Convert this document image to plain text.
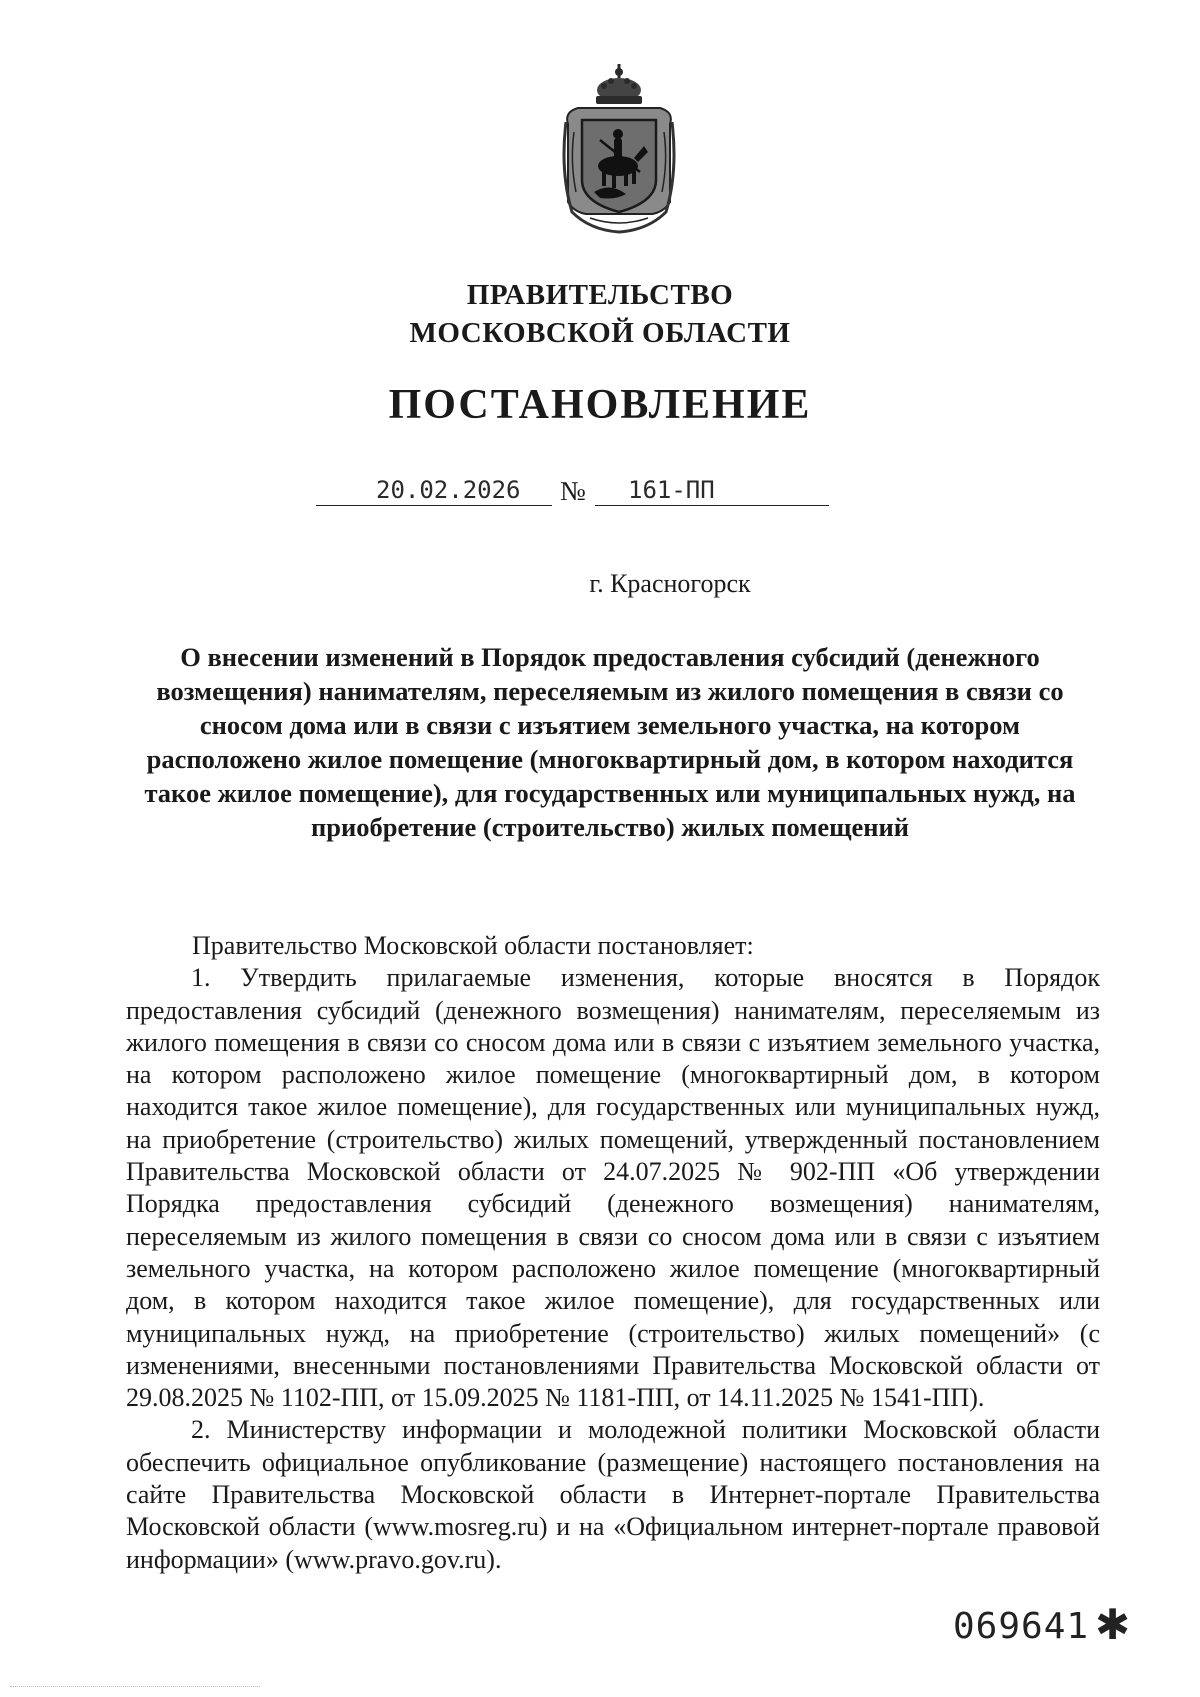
ПРАВИТЕЛЬСТВО
МОСКОВСКОЙ ОБЛАСТИ
ПОСТАНОВЛЕНИЕ
20.02.2026 № 161-ПП
г. Красногорск

О внесении изменений в Порядок предоставления субсидий (денежного возмещения) нанимателям, переселяемым из жилого помещения в связи со сносом дома или в связи с изъятием земельного участка, на котором расположено жилое помещение (многоквартирный дом, в котором находится такое жилое помещение), для государственных или муниципальных нужд, на приобретение (строительство) жилых помещений

Правительство Московской области постановляет:

1. Утвердить прилагаемые изменения, которые вносятся в Порядок предоставления субсидий (денежного возмещения) нанимателям, переселяемым из жилого помещения в связи со сносом дома или в связи с изъятием земельного участка, на котором расположено жилое помещение (многоквартирный дом, в котором находится такое жилое помещение), для государственных или муниципальных нужд, на приобретение (строительство) жилых помещений, утвержденный постановлением Правительства Московской области от 24.07.2025 № 902-ПП «Об утверждении Порядка предоставления субсидий (денежного возмещения) нанимателям, переселяемым из жилого помещения в связи со сносом дома или в связи с изъятием земельного участка, на котором расположено жилое помещение (многоквартирный дом, в котором находится такое жилое помещение), для государственных или муниципальных нужд, на приобретение (строительство) жилых помещений» (с изменениями, внесенными постановлениями Правительства Московской области от 29.08.2025 № 1102-ПП, от 15.09.2025 № 1181-ПП, от 14.11.2025 № 1541-ПП).

2. Министерству информации и молодежной политики Московской области обеспечить официальное опубликование (размещение) настоящего постановления на сайте Правительства Московской области в Интернет-портале Правительства Московской области (www.mosreg.ru) и на «Официальном интернет-портале правовой информации» (www.pravo.gov.ru).

069641 ✱
